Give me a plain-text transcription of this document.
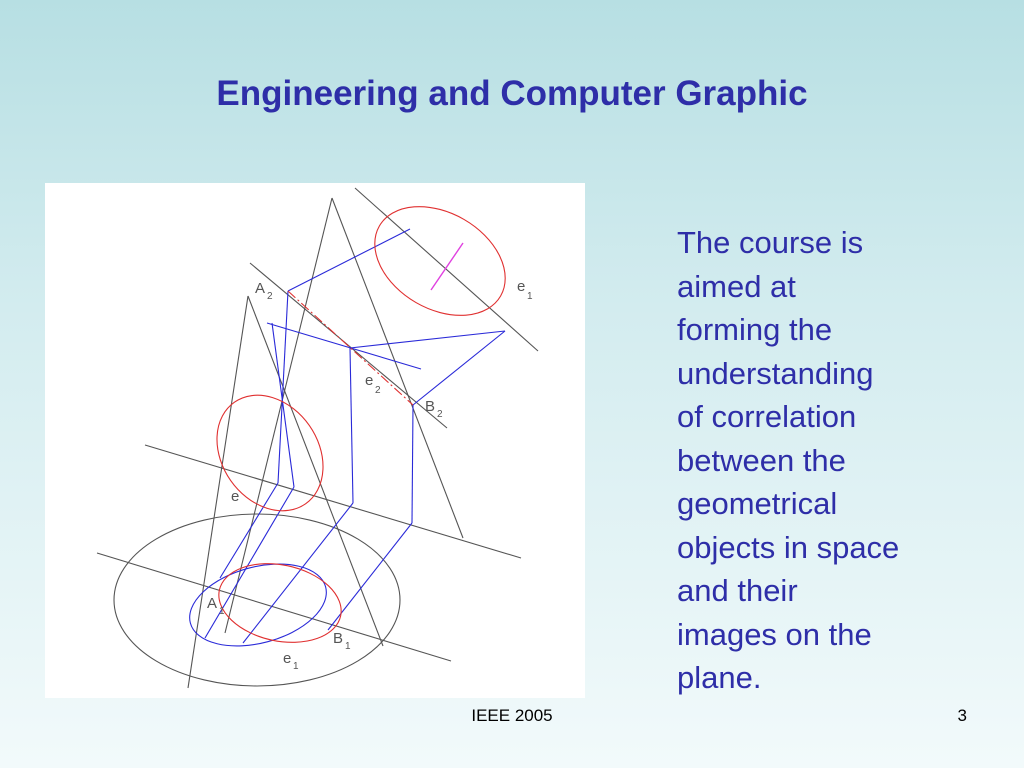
Engineering and Computer Graphic
A 2
B 2
e
1
e
2
e
A 1
B 1
e 1
The course is
aimed at
forming the
understanding
of correlation
between the
geometrical
objects in space
and their
images on the
plane.
IEEE 2005	3
